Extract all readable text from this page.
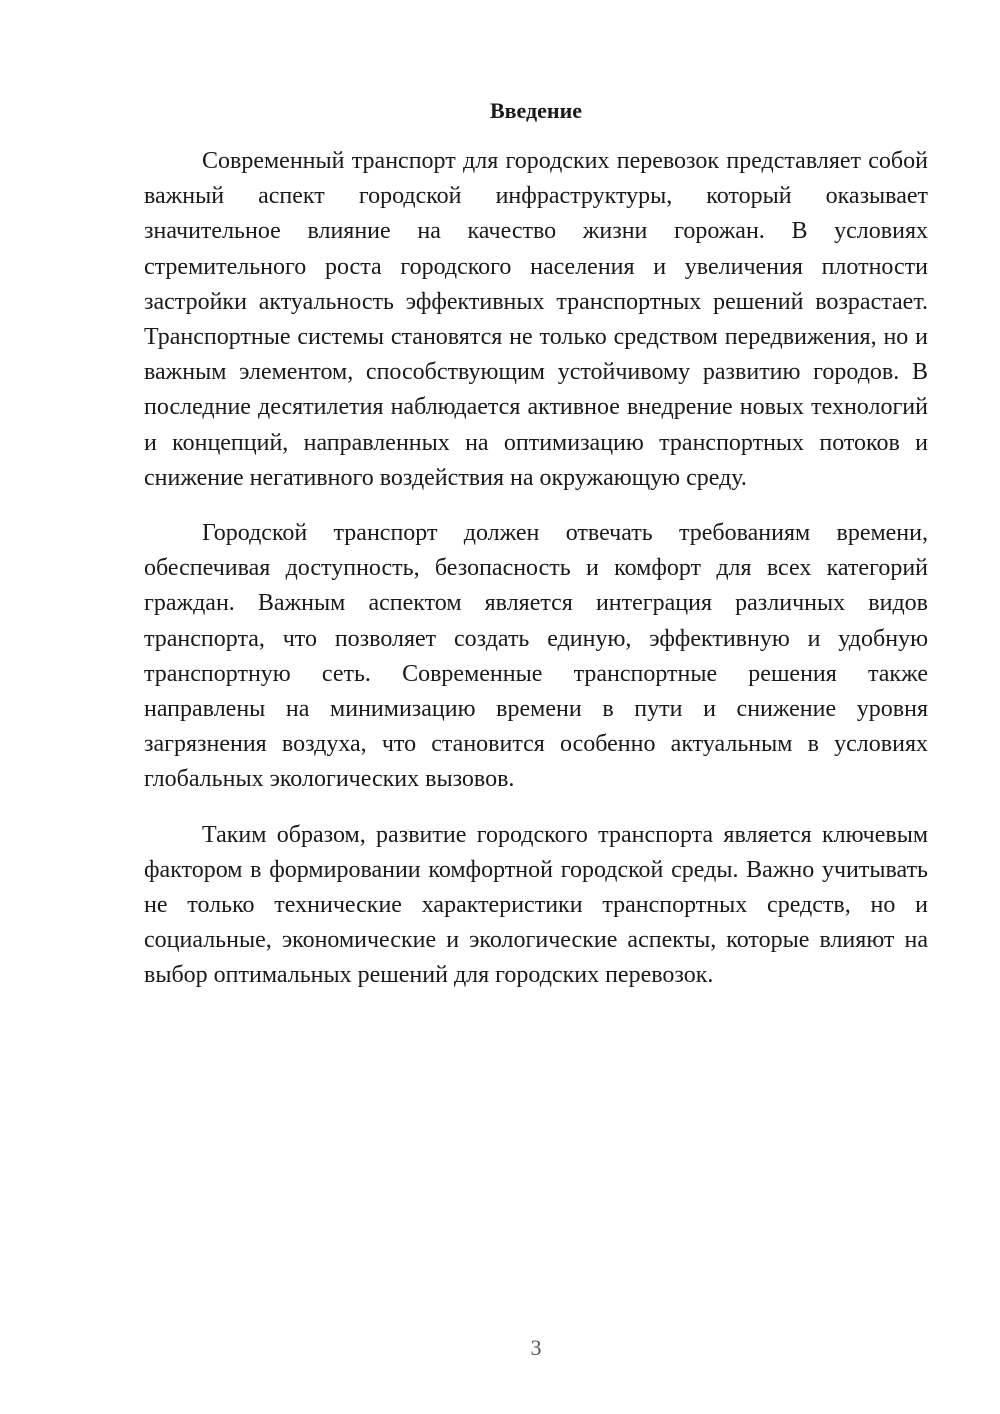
Введение

Современный транспорт для городских перевозок представляет собой важный аспект городской инфраструктуры, который оказывает значительное влияние на качество жизни горожан. В условиях стремительного роста городского населения и увеличения плотности застройки актуальность эффективных транспортных решений возрастает. Транспортные системы становятся не только средством передвижения, но и важным элементом, способствующим устойчивому развитию городов. В последние десятилетия наблюдается активное внедрение новых технологий и концепций, направленных на оптимизацию транспортных потоков и снижение негативного воздействия на окружающую среду.

Городской транспорт должен отвечать требованиям времени, обеспечивая доступность, безопасность и комфорт для всех категорий граждан. Важным аспектом является интеграция различных видов транспорта, что позволяет создать единую, эффективную и удобную транспортную сеть. Современные транспортные решения также направлены на минимизацию времени в пути и снижение уровня загрязнения воздуха, что становится особенно актуальным в условиях глобальных экологических вызовов.

Таким образом, развитие городского транспорта является ключевым фактором в формировании комфортной городской среды. Важно учитывать не только технические характеристики транспортных средств, но и социальные, экономические и экологические аспекты, которые влияют на выбор оптимальных решений для городских перевозок.

3
